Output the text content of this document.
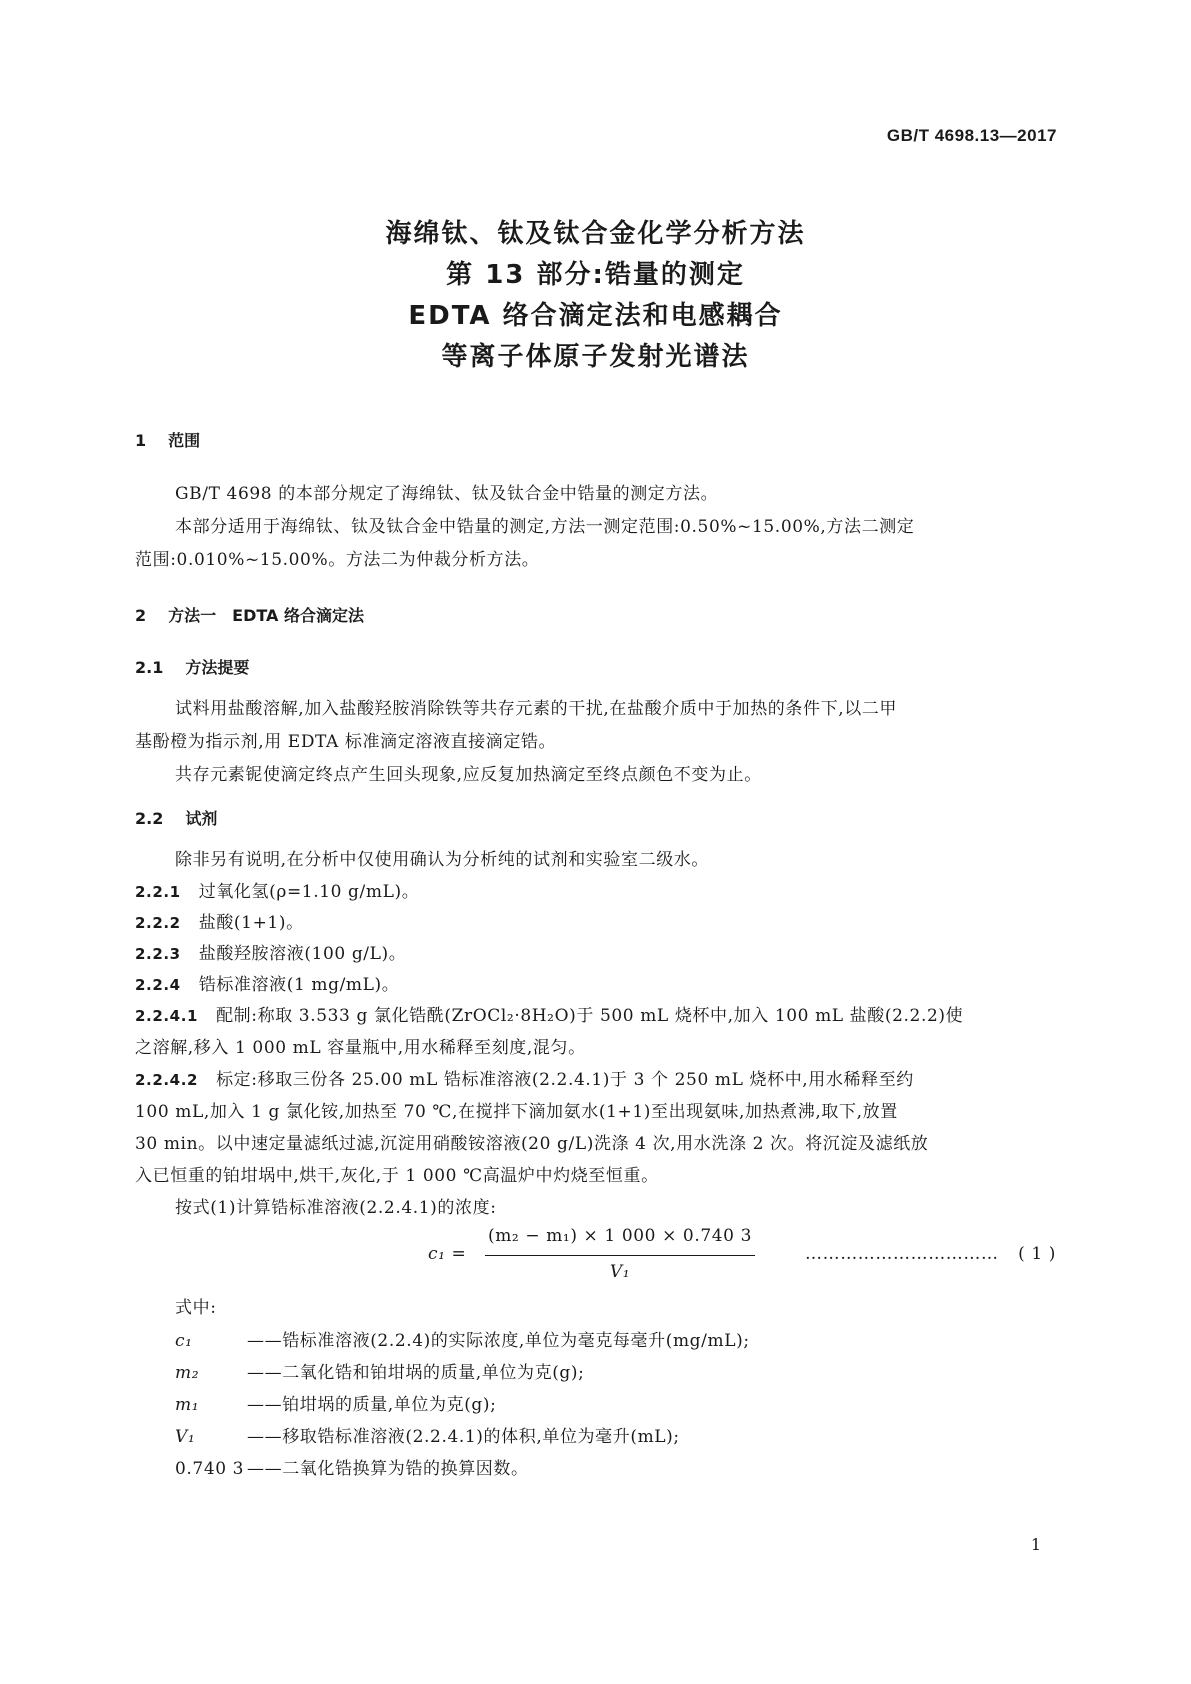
GB/T 4698.13—2017
海绵钛、钛及钛合金化学分析方法
第 13 部分:锆量的测定
EDTA 络合滴定法和电感耦合
等离子体原子发射光谱法
1 范围
GB/T 4698 的本部分规定了海绵钛、钛及钛合金中锆量的测定方法。
本部分适用于海绵钛、钛及钛合金中锆量的测定,方法一测定范围:0.50%~15.00%,方法二测定
范围:0.010%~15.00%。方法二为仲裁分析方法。
2 方法一　EDTA 络合滴定法
2.1 方法提要
试料用盐酸溶解,加入盐酸羟胺消除铁等共存元素的干扰,在盐酸介质中于加热的条件下,以二甲
基酚橙为指示剂,用 EDTA 标准滴定溶液直接滴定锆。
共存元素铌使滴定终点产生回头现象,应反复加热滴定至终点颜色不变为止。
2.2 试剂
除非另有说明,在分析中仅使用确认为分析纯的试剂和实验室二级水。
2.2.1 过氧化氢(ρ=1.10 g/mL)。
2.2.2 盐酸(1+1)。
2.2.3 盐酸羟胺溶液(100 g/L)。
2.2.4 锆标准溶液(1 mg/mL)。
2.2.4.1 配制:称取 3.533 g 氯化锆酰(ZrOCl₂·8H₂O)于 500 mL 烧杯中,加入 100 mL 盐酸(2.2.2)使
之溶解,移入 1 000 mL 容量瓶中,用水稀释至刻度,混匀。
2.2.4.2 标定:移取三份各 25.00 mL 锆标准溶液(2.2.4.1)于 3 个 250 mL 烧杯中,用水稀释至约
100 mL,加入 1 g 氯化铵,加热至 70 ℃,在搅拌下滴加氨水(1+1)至出现氨味,加热煮沸,取下,放置
30 min。以中速定量滤纸过滤,沉淀用硝酸铵溶液(20 g/L)洗涤 4 次,用水洗涤 2 次。将沉淀及滤纸放
入已恒重的铂坩埚中,烘干,灰化,于 1 000 ℃高温炉中灼烧至恒重。
按式(1)计算锆标准溶液(2.2.4.1)的浓度:
c₁ =
(m₂ − m₁) × 1 000 × 0.740 3
V₁
…………………………… ( 1 )
式中:
c₁	——锆标准溶液(2.2.4)的实际浓度,单位为毫克每毫升(mg/mL);
m₂	——二氧化锆和铂坩埚的质量,单位为克(g);
m₁	——铂坩埚的质量,单位为克(g);
V₁	——移取锆标准溶液(2.2.4.1)的体积,单位为毫升(mL);
0.740 3 ——二氧化锆换算为锆的换算因数。
1
